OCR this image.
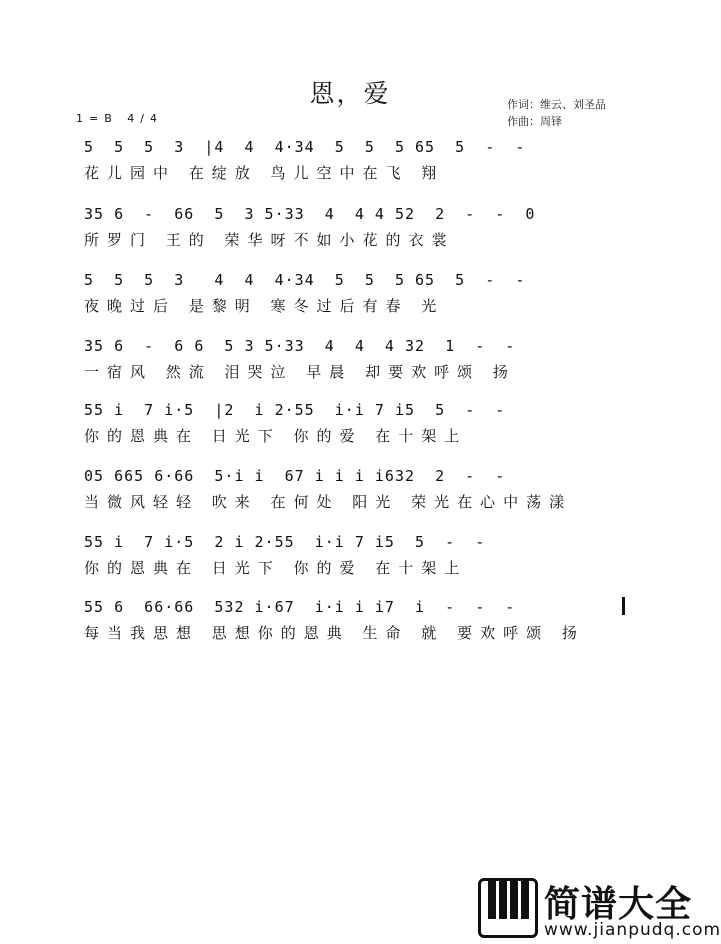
恩，爱	作词：维云、刘圣品
作曲：周铎
1=B 4/4
5  5  5  3  |4  4  4·34  5  5  5 65  5  -  -
花儿园中 在绽放 鸟儿空中在飞 翔
35 6  -  66  5  3 5·33  4  4 4 52  2  -  -  0
所罗门 王的 荣华呀不如小花的衣裳
5  5  5  3   4  4  4·34  5  5  5 65  5  -  -
夜晚过后 是黎明 寒冬过后有春 光
35 6  -  6 6  5 3 5·33  4  4  4 32  1  -  -
一宿风 然流 泪哭泣 早晨 却要欢呼颂 扬
55 i  7 i·5  |2  i 2·55  i·i 7 i5  5  -  -
你的恩典在 日光下 你的爱 在十架上
05 665 6·66  5·i i  67 i i i i632  2  -  -
当微风轻轻 吹来 在何处 阳光 荣光在心中荡漾
55 i  7 i·5  2 i 2·55  i·i 7 i5  5  -  -
你的恩典在 日光下 你的爱 在十架上
55 6  66·66  532 i·67  i·i i i7  i  -  -  -
每当我思想 思想你的恩典 生命 就 要欢呼颂 扬
简谱大全
www.jianpudq.com
